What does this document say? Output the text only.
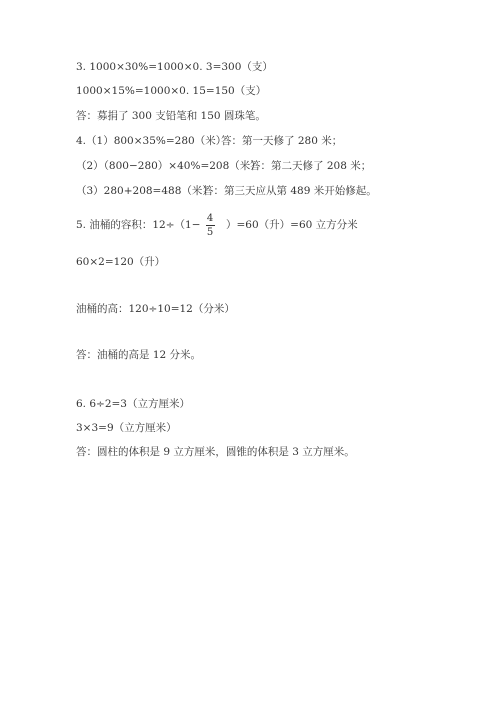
3. 1000×30%=1000×0. 3=300（支）
1000×15%=1000×0. 15=150（支）
答：募捐了 300 支铅笔和 150 圆珠笔。
4.（1）800×35%=280（米）
答：第一天修了 280 米；
（2）（800−280）×40%=208（米）
答：第二天修了 208 米；
（3）280+208=488（米）
答：第三天应从第 489 米开始修起。
5. 油桶的容积：12÷（1−
4
5
）=60（升）=60 立方分米
60×2=120（升）
油桶的高：120÷10=12（分米）
答：油桶的高是 12 分米。
6. 6÷2=3（立方厘米）
3×3=9（立方厘米）
答：圆柱的体积是 9 立方厘米，圆锥的体积是 3 立方厘米。
